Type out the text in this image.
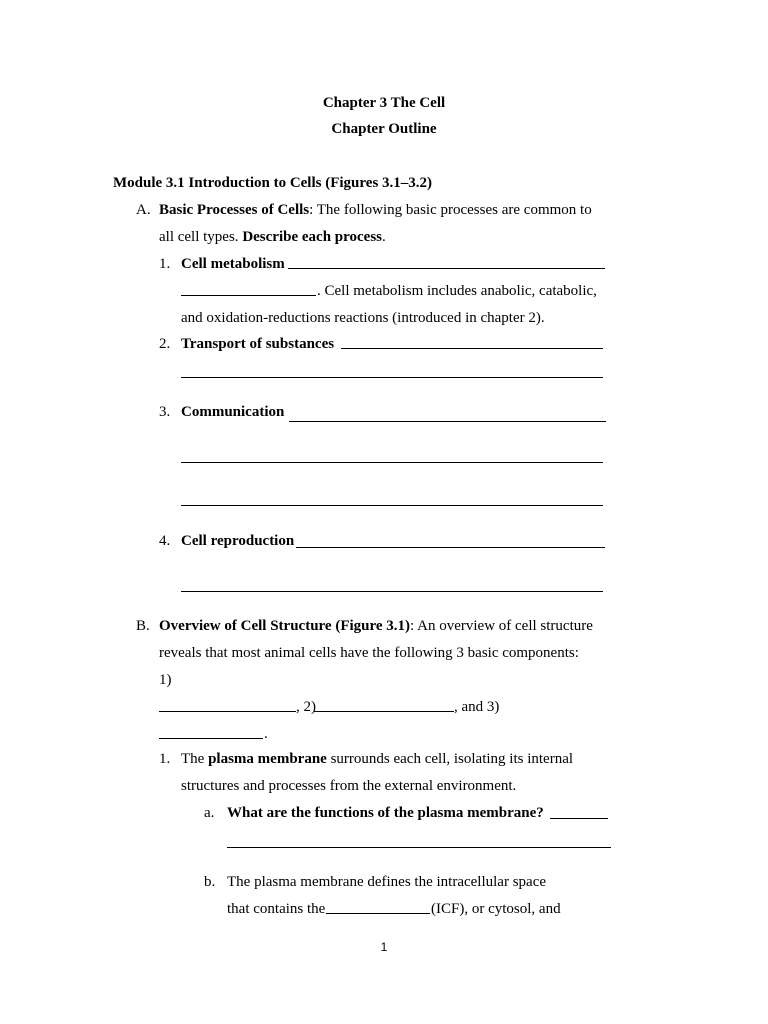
Chapter 3 The Cell
Chapter Outline
Module 3.1 Introduction to Cells (Figures 3.1–3.2)
A. Basic Processes of Cells: The following basic processes are common to
all cell types. Describe each process.
1. Cell metabolism
. Cell metabolism includes anabolic, catabolic,
and oxidation-reductions reactions (introduced in chapter 2).
2. Transport of substances
3. Communication
4. Cell reproduction
B. Overview of Cell Structure (Figure 3.1): An overview of cell structure
reveals that most animal cells have the following 3 basic components:
1)
, 2)	, and 3)
.
1. The plasma membrane surrounds each cell, isolating its internal
structures and processes from the external environment.
a. What are the functions of the plasma membrane?
b. The plasma membrane defines the intracellular space
that contains the	(ICF), or cytosol, and
1
